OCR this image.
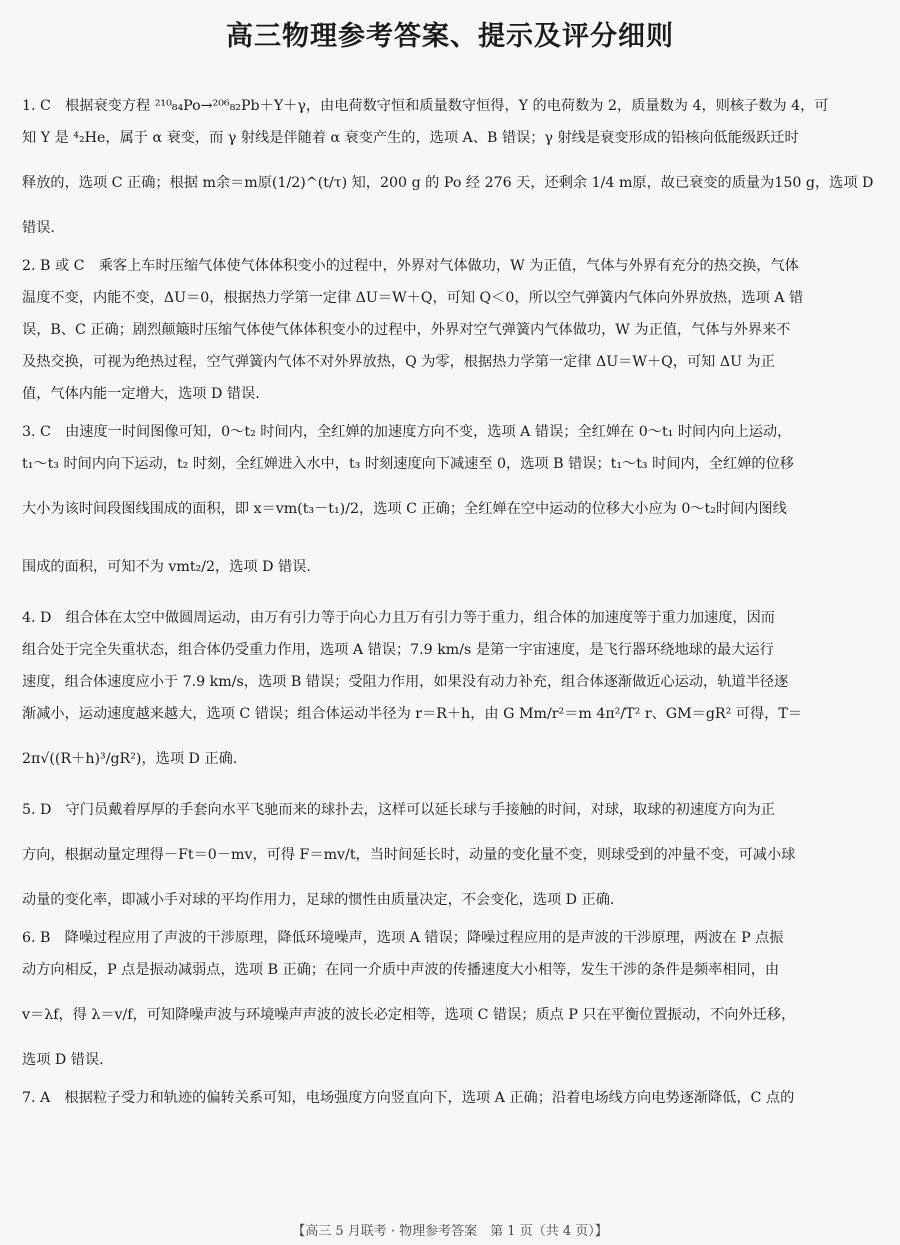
高三物理参考答案、提示及评分细则
1. C　根据衰变方程 ²¹⁰₈₄Po→²⁰⁶₈₂Pb＋Y＋γ，由电荷数守恒和质量数守恒得，Y 的电荷数为 2，质量数为 4，则核子数为 4，可
知 Y 是 ⁴₂He，属于 α 衰变，而 γ 射线是伴随着 α 衰变产生的，选项 A、B 错误；γ 射线是衰变形成的铅核向低能级跃迁时
释放的，选项 C 正确；根据 m余＝m原(1/2)^(t/τ) 知，200 g 的 Po 经 276 天，还剩余 1/4 m原，故已衰变的质量为150 g，选项 D
错误.
2. B 或 C　乘客上车时压缩气体使气体体积变小的过程中，外界对气体做功，W 为正值，气体与外界有充分的热交换，气体
温度不变，内能不变，ΔU＝0，根据热力学第一定律 ΔU＝W＋Q，可知 Q＜0，所以空气弹簧内气体向外界放热，选项 A 错
误，B、C 正确；剧烈颠簸时压缩气体使气体体积变小的过程中，外界对空气弹簧内气体做功，W 为正值，气体与外界来不
及热交换，可视为绝热过程，空气弹簧内气体不对外界放热，Q 为零，根据热力学第一定律 ΔU＝W＋Q，可知 ΔU 为正
值，气体内能一定增大，选项 D 错误.
3. C　由速度一时间图像可知，0～t₂ 时间内，全红婵的加速度方向不变，选项 A 错误；全红婵在 0～t₁ 时间内向上运动，
t₁～t₃ 时间内向下运动，t₂ 时刻，全红婵进入水中，t₃ 时刻速度向下减速至 0，选项 B 错误；t₁～t₃ 时间内，全红婵的位移
大小为该时间段图线围成的面积，即 x＝vm(t₃－t₁)/2，选项 C 正确；全红婵在空中运动的位移大小应为 0～t₂时间内图线
围成的面积，可知不为 vmt₂/2，选项 D 错误.
4. D　组合体在太空中做圆周运动，由万有引力等于向心力且万有引力等于重力，组合体的加速度等于重力加速度，因而
组合处于完全失重状态，组合体仍受重力作用，选项 A 错误；7.9 km/s 是第一宇宙速度，是飞行器环绕地球的最大运行
速度，组合体速度应小于 7.9 km/s，选项 B 错误；受阻力作用，如果没有动力补充，组合体逐渐做近心运动，轨道半径逐
渐减小，运动速度越来越大，选项 C 错误；组合体运动半径为 r＝R＋h，由 G Mm/r²＝m 4π²/T² r、GM＝gR² 可得，T＝
2π√((R＋h)³/gR²)，选项 D 正确.
5. D　守门员戴着厚厚的手套向水平飞驰而来的球扑去，这样可以延长球与手接触的时间，对球，取球的初速度方向为正
方向，根据动量定理得－Ft＝0－mv，可得 F＝mv/t，当时间延长时，动量的变化量不变，则球受到的冲量不变，可减小球
动量的变化率，即减小手对球的平均作用力，足球的惯性由质量决定，不会变化，选项 D 正确.
6. B　降噪过程应用了声波的干涉原理，降低环境噪声，选项 A 错误；降噪过程应用的是声波的干涉原理，两波在 P 点振
动方向相反，P 点是振动减弱点，选项 B 正确；在同一介质中声波的传播速度大小相等，发生干涉的条件是频率相同，由
v＝λf，得 λ＝v/f，可知降噪声波与环境噪声声波的波长必定相等，选项 C 错误；质点 P 只在平衡位置振动，不向外迁移，
选项 D 错误.
7. A　根据粒子受力和轨迹的偏转关系可知，电场强度方向竖直向下，选项 A 正确；沿着电场线方向电势逐渐降低，C 点的
【高三 5 月联考 · 物理参考答案　第 1 页（共 4 页）】
